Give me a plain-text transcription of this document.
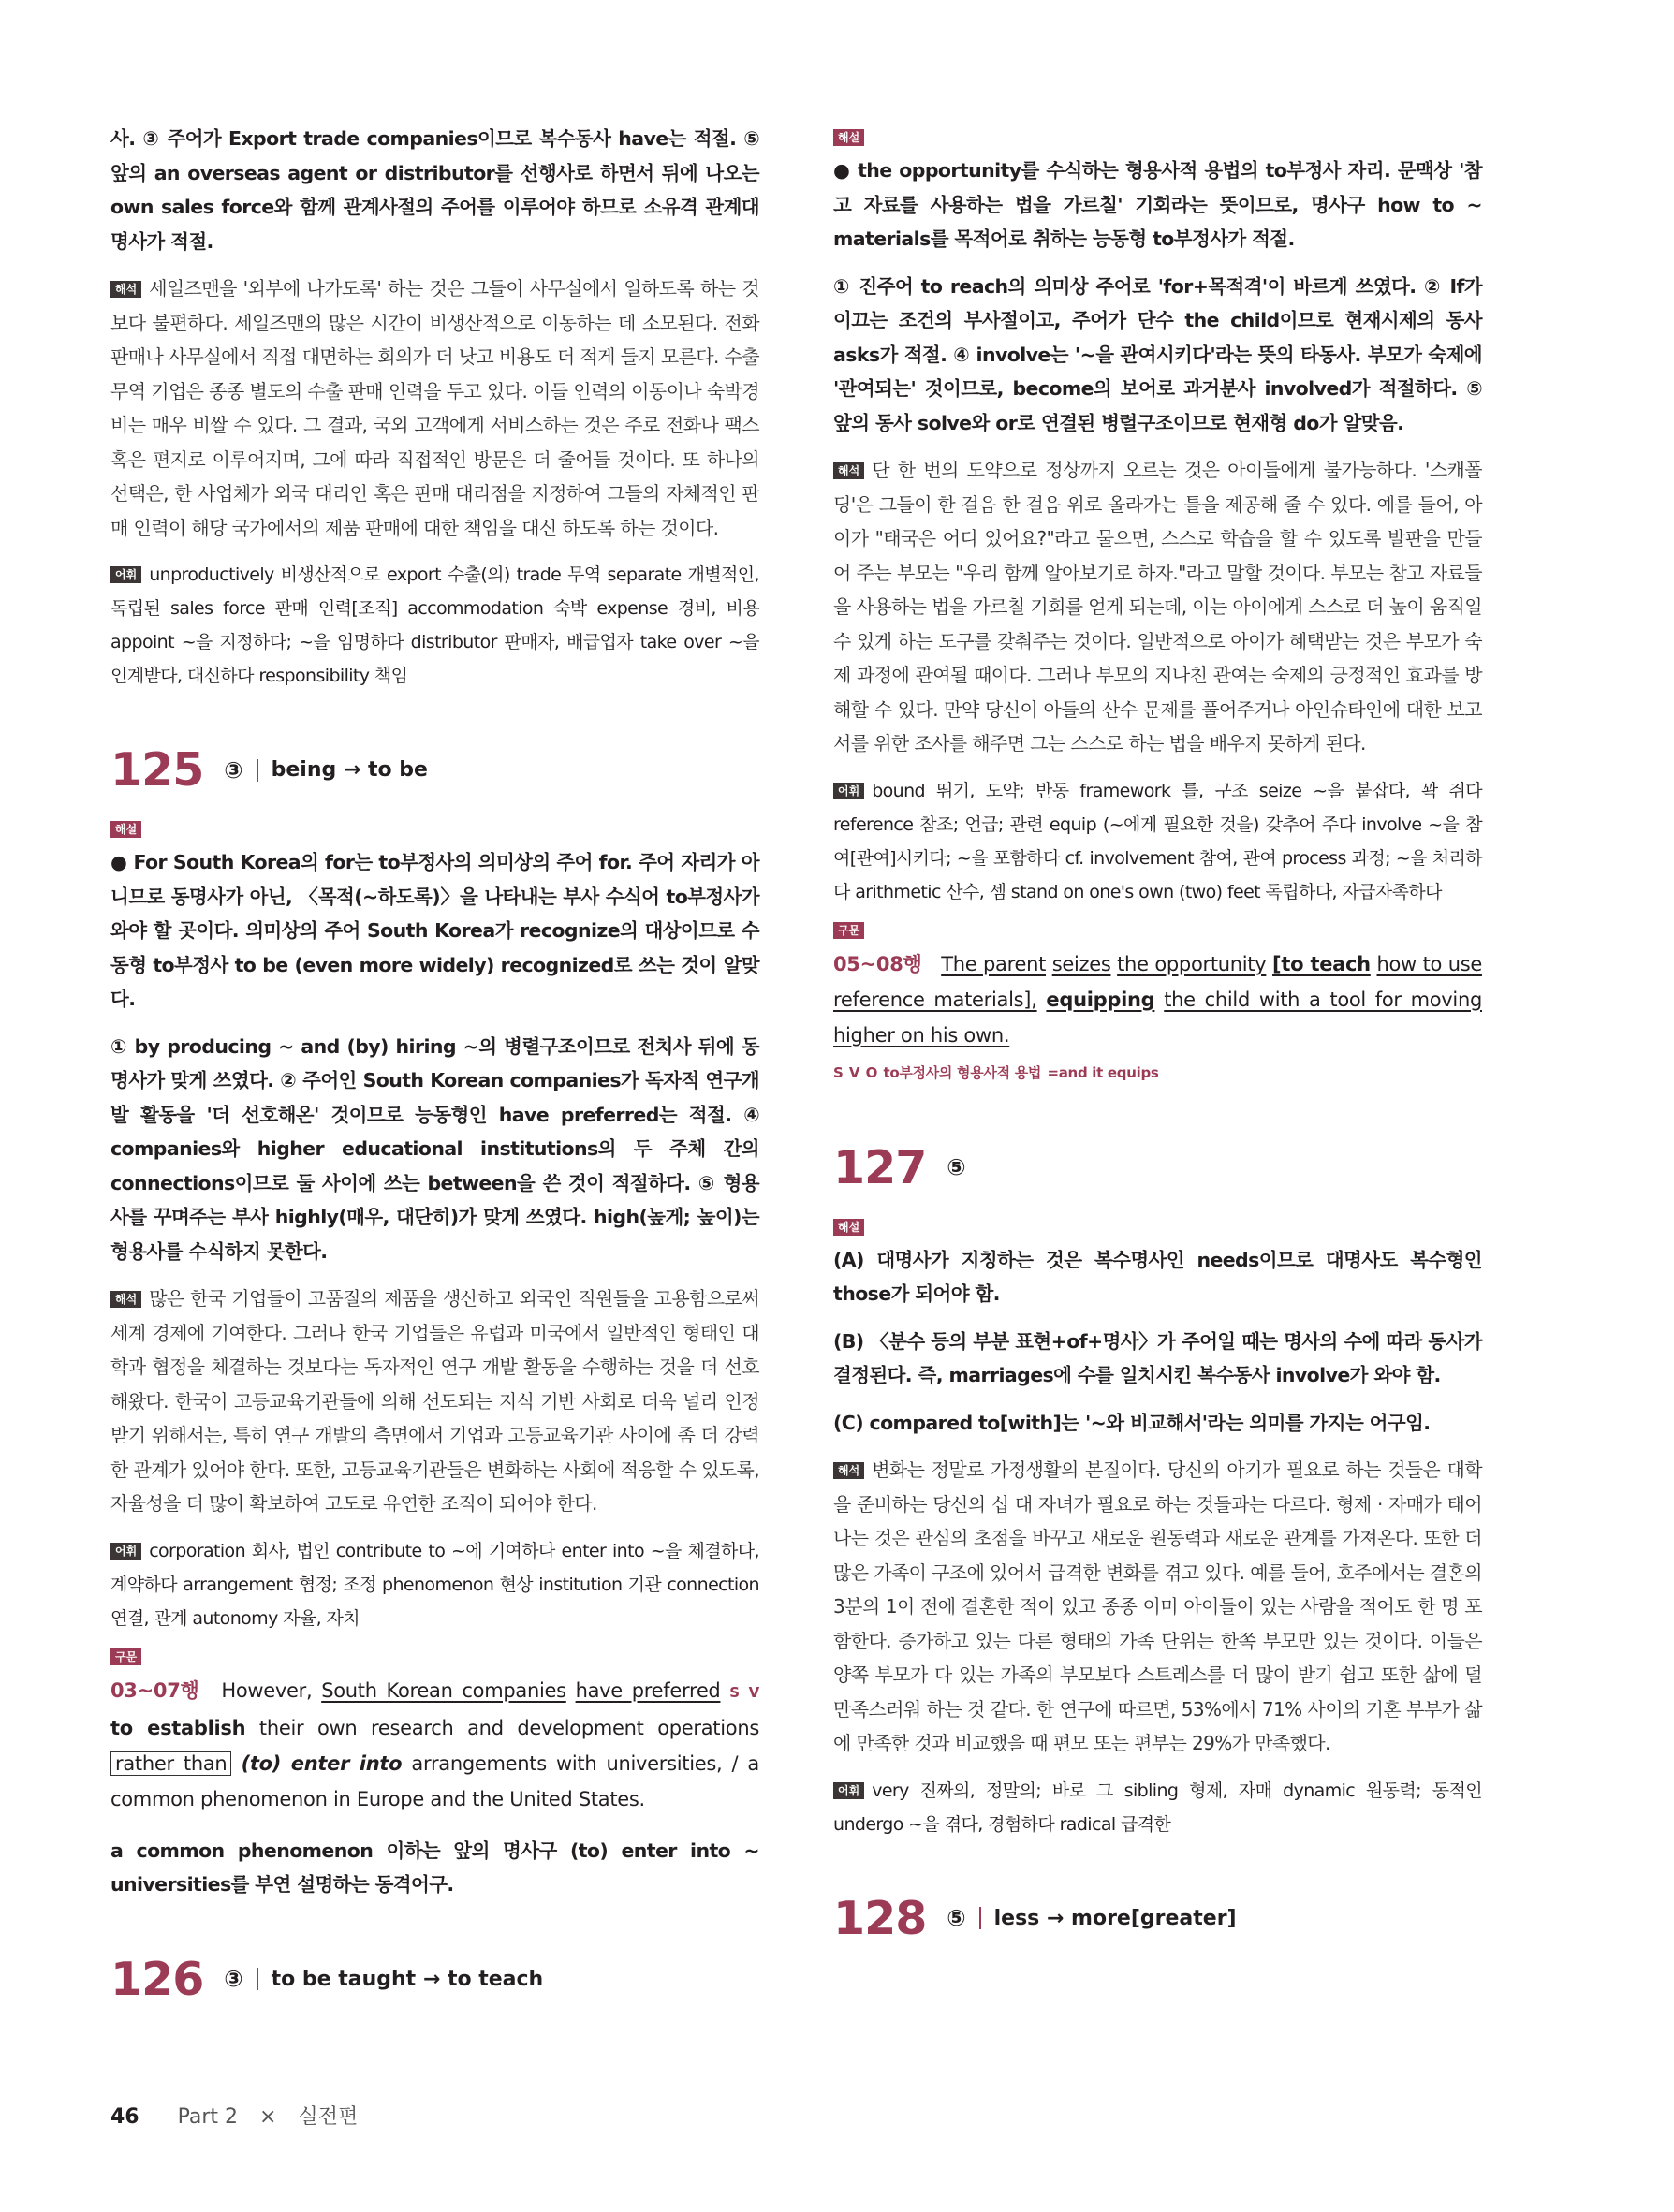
사. ③ 주어가 Export trade companies이므로 복수동사 have는 적절. ⑤ 앞의 an overseas agent or distributor를 선행사로 하면서 뒤에 나오는 own sales force와 함께 관계사절의 주어를 이루어야 하므로 소유격 관계대명사가 적절.

해석 세일즈맨을 '외부에 나가도록' 하는 것은 그들이 사무실에서 일하도록 하는 것보다 불편하다. 세일즈맨의 많은 시간이 비생산적으로 이동하는 데 소모된다. 전화 판매나 사무실에서 직접 대면하는 회의가 더 낫고 비용도 더 적게 들지 모른다. 수출 무역 기업은 종종 별도의 수출 판매 인력을 두고 있다. 이들 인력의 이동이나 숙박경비는 매우 비쌀 수 있다. 그 결과, 국외 고객에게 서비스하는 것은 주로 전화나 팩스 혹은 편지로 이루어지며, 그에 따라 직접적인 방문은 더 줄어들 것이다. 또 하나의 선택은, 한 사업체가 외국 대리인 혹은 판매 대리점을 지정하여 그들의 자체적인 판매 인력이 해당 국가에서의 제품 판매에 대한 책임을 대신 하도록 하는 것이다.

어휘 unproductively 비생산적으로 export 수출(의) trade 무역 separate 개별적인, 독립된 sales force 판매 인력[조직] accommodation 숙박 expense 경비, 비용 appoint ~을 지정하다; ~을 임명하다 distributor 판매자, 배급업자 take over ~을 인계받다, 대신하다 responsibility 책임

125 ③ being → to be
해설

● For South Korea의 for는 to부정사의 의미상의 주어 for. 주어 자리가 아니므로 동명사가 아닌, 〈목적(~하도록)〉을 나타내는 부사 수식어 to부정사가 와야 할 곳이다. 의미상의 주어 South Korea가 recognize의 대상이므로 수동형 to부정사 to be (even more widely) recognized로 쓰는 것이 알맞다.

① by producing ~ and (by) hiring ~의 병렬구조이므로 전치사 뒤에 동명사가 맞게 쓰였다. ② 주어인 South Korean companies가 독자적 연구개발 활동을 '더 선호해온' 것이므로 능동형인 have preferred는 적절. ④ companies와 higher educational institutions의 두 주체 간의 connections이므로 둘 사이에 쓰는 between을 쓴 것이 적절하다. ⑤ 형용사를 꾸며주는 부사 highly(매우, 대단히)가 맞게 쓰였다. high(높게; 높이)는 형용사를 수식하지 못한다.

해석 많은 한국 기업들이 고품질의 제품을 생산하고 외국인 직원들을 고용함으로써 세계 경제에 기여한다. 그러나 한국 기업들은 유럽과 미국에서 일반적인 형태인 대학과 협정을 체결하는 것보다는 독자적인 연구 개발 활동을 수행하는 것을 더 선호해왔다. 한국이 고등교육기관들에 의해 선도되는 지식 기반 사회로 더욱 널리 인정받기 위해서는, 특히 연구 개발의 측면에서 기업과 고등교육기관 사이에 좀 더 강력한 관계가 있어야 한다. 또한, 고등교육기관들은 변화하는 사회에 적응할 수 있도록, 자율성을 더 많이 확보하여 고도로 유연한 조직이 되어야 한다.

어휘 corporation 회사, 법인 contribute to ~에 기여하다 enter into ~을 체결하다, 계약하다 arrangement 협정; 조정 phenomenon 현상 institution 기관 connection 연결, 관계 autonomy 자율, 자치

구문

03~07행 However, South Korean companies have preferred S V to establish their own research and development operations rather than (to) enter into arrangements with universities, / a common phenomenon in Europe and the United States.

a common phenomenon 이하는 앞의 명사구 (to) enter into ~ universities를 부연 설명하는 동격어구.

126 ③ to be taught → to teach
해설

● the opportunity를 수식하는 형용사적 용법의 to부정사 자리. 문맥상 '참고 자료를 사용하는 법을 가르칠' 기회라는 뜻이므로, 명사구 how to ~ materials를 목적어로 취하는 능동형 to부정사가 적절.

① 진주어 to reach의 의미상 주어로 'for+목적격'이 바르게 쓰였다. ② If가 이끄는 조건의 부사절이고, 주어가 단수 the child이므로 현재시제의 동사 asks가 적절. ④ involve는 '~을 관여시키다'라는 뜻의 타동사. 부모가 숙제에 '관여되는' 것이므로, become의 보어로 과거분사 involved가 적절하다. ⑤ 앞의 동사 solve와 or로 연결된 병렬구조이므로 현재형 do가 알맞음.

해석 단 한 번의 도약으로 정상까지 오르는 것은 아이들에게 불가능하다. '스캐폴딩'은 그들이 한 걸음 한 걸음 위로 올라가는 틀을 제공해 줄 수 있다. 예를 들어, 아이가 "태국은 어디 있어요?"라고 물으면, 스스로 학습을 할 수 있도록 발판을 만들어 주는 부모는 "우리 함께 알아보기로 하자."라고 말할 것이다. 부모는 참고 자료들을 사용하는 법을 가르칠 기회를 얻게 되는데, 이는 아이에게 스스로 더 높이 움직일 수 있게 하는 도구를 갖춰주는 것이다. 일반적으로 아이가 혜택받는 것은 부모가 숙제 과정에 관여될 때이다. 그러나 부모의 지나친 관여는 숙제의 긍정적인 효과를 방해할 수 있다. 만약 당신이 아들의 산수 문제를 풀어주거나 아인슈타인에 대한 보고서를 위한 조사를 해주면 그는 스스로 하는 법을 배우지 못하게 된다.

어휘 bound 뛰기, 도약; 반동 framework 틀, 구조 seize ~을 붙잡다, 꽉 쥐다 reference 참조; 언급; 관련 equip (~에게 필요한 것을) 갖추어 주다 involve ~을 참여[관여]시키다; ~을 포함하다 cf. involvement 참여, 관여 process 과정; ~을 처리하다 arithmetic 산수, 셈 stand on one's own (two) feet 독립하다, 자급자족하다

구문

05~08행 The parent seizes the opportunity [to teach how to use reference materials], equipping the child with a tool for moving higher on his own.
S V O to부정사의 형용사적 용법 =and it equips

127 ⑤
해설

(A) 대명사가 지칭하는 것은 복수명사인 needs이므로 대명사도 복수형인 those가 되어야 함.

(B) 〈분수 등의 부분 표현+of+명사〉가 주어일 때는 명사의 수에 따라 동사가 결정된다. 즉, marriages에 수를 일치시킨 복수동사 involve가 와야 함.

(C) compared to[with]는 '~와 비교해서'라는 의미를 가지는 어구임.

해석 변화는 정말로 가정생활의 본질이다. 당신의 아기가 필요로 하는 것들은 대학을 준비하는 당신의 십 대 자녀가 필요로 하는 것들과는 다르다. 형제 · 자매가 태어나는 것은 관심의 초점을 바꾸고 새로운 원동력과 새로운 관계를 가져온다. 또한 더 많은 가족이 구조에 있어서 급격한 변화를 겪고 있다. 예를 들어, 호주에서는 결혼의 3분의 1이 전에 결혼한 적이 있고 종종 이미 아이들이 있는 사람을 적어도 한 명 포함한다. 증가하고 있는 다른 형태의 가족 단위는 한쪽 부모만 있는 것이다. 이들은 양쪽 부모가 다 있는 가족의 부모보다 스트레스를 더 많이 받기 쉽고 또한 삶에 덜 만족스러워 하는 것 같다. 한 연구에 따르면, 53%에서 71% 사이의 기혼 부부가 삶에 만족한 것과 비교했을 때 편모 또는 편부는 29%가 만족했다.

어휘 very 진짜의, 정말의; 바로 그 sibling 형제, 자매 dynamic 원동력; 동적인 undergo ~을 겪다, 경험하다 radical 급격한

128 ⑤ less → more[greater]
46 Part 2 × 실전편
